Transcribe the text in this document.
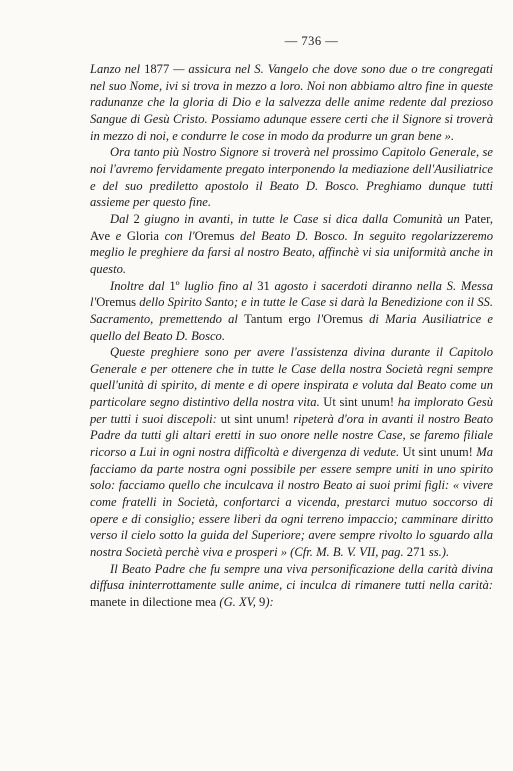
— 736 —

Lanzo nel 1877 — assicura nel S. Vangelo che dove sono due o tre congregati nel suo Nome, ivi si trova in mezzo a loro. Noi non abbiamo altro fine in queste radunanze che la gloria di Dio e la salvezza delle anime redente dal prezioso Sangue di Gesù Cristo. Possiamo adunque essere certi che il Signore si troverà in mezzo di noi, e condurre le cose in modo da produrre un gran bene ».

Ora tanto più Nostro Signore si troverà nel prossimo Capitolo Generale, se noi l'avremo fervidamente pregato interponendo la mediazione dell'Ausiliatrice e del suo prediletto apostolo il Beato D. Bosco. Preghiamo dunque tutti assieme per questo fine.

Dal 2 giugno in avanti, in tutte le Case si dica dalla Comunità un Pater, Ave e Gloria con l'Oremus del Beato D. Bosco. In seguito regolarizzeremo meglio le preghiere da farsi al nostro Beato, affinchè vi sia uniformità anche in questo.

Inoltre dal 1º luglio fino al 31 agosto i sacerdoti diranno nella S. Messa l'Oremus dello Spirito Santo; e in tutte le Case si darà la Benedizione con il SS. Sacramento, premettendo al Tantum ergo l'Oremus di Maria Ausiliatrice e quello del Beato D. Bosco.

Queste preghiere sono per avere l'assistenza divina durante il Capitolo Generale e per ottenere che in tutte le Case della nostra Società regni sempre quell'unità di spirito, di mente e di opere inspirata e voluta dal Beato come un particolare segno distintivo della nostra vita. Ut sint unum! ha implorato Gesù per tutti i suoi discepoli: ut sint unum! ripeterà d'ora in avanti il nostro Beato Padre da tutti gli altari eretti in suo onore nelle nostre Case, se faremo filiale ricorso a Lui in ogni nostra difficoltà e divergenza di vedute. Ut sint unum! Ma facciamo da parte nostra ogni possibile per essere sempre uniti in uno spirito solo: facciamo quello che inculcava il nostro Beato ai suoi primi figli: « vivere come fratelli in Società, confortarci a vicenda, prestarci mutuo soccorso di opere e di consiglio; essere liberi da ogni terreno impaccio; camminare diritto verso il cielo sotto la guida del Superiore; avere sempre rivolto lo sguardo alla nostra Società perchè viva e prosperi » (Cfr. M. B. V. VII, pag. 271 ss.).

Il Beato Padre che fu sempre una viva personificazione della carità divina diffusa ininterrottamente sulle anime, ci inculca di rimanere tutti nella carità: manete in dilectione mea (G. XV, 9):
